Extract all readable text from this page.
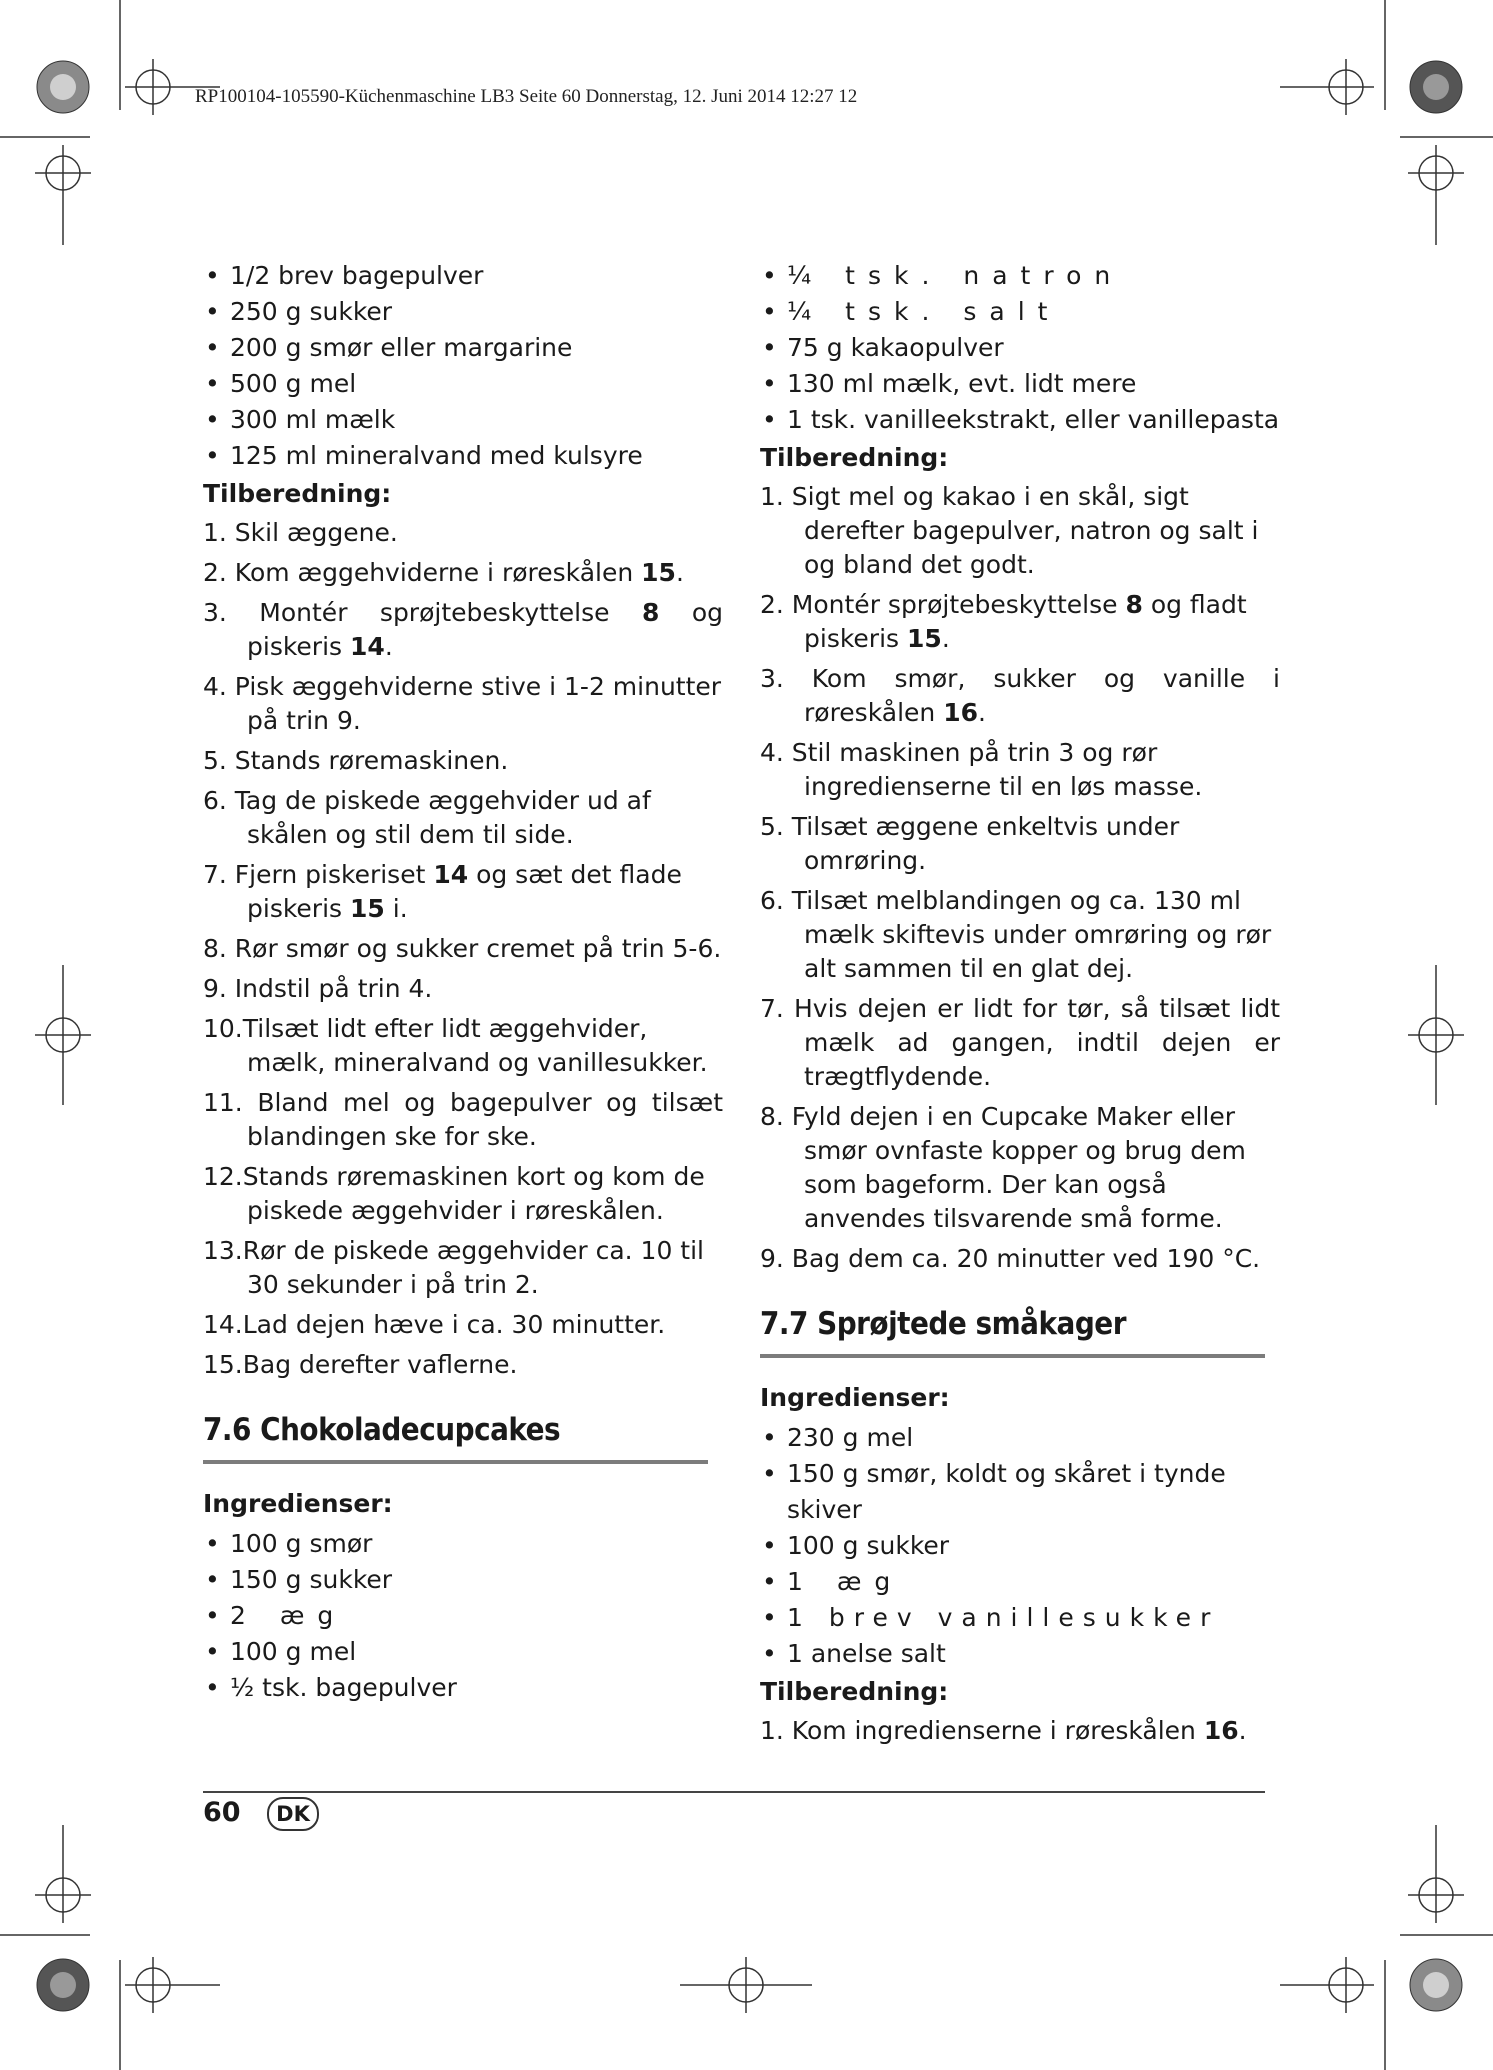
RP100104-105590-Küchenmaschine LB3 Seite 60 Donnerstag, 12. Juni 2014 12:27 12

• 1/2 brev bagepulver

• 250 g sukker

• 200 g smør eller margarine

• 500 g mel

• 300 ml mælk

• 125 ml mineralvand med kulsyre

Tilberedning:

1. Skil æggene.

2. Kom æggehviderne i røreskålen 15.

3. Montér sprøjtebeskyttelse 8 og piskeris 14.

4. Pisk æggehviderne stive i 1-2 minutter på trin 9.

5. Stands røremaskinen.

6. Tag de piskede æggehvider ud af skålen og stil dem til side.

7. Fjern piskeriset 14 og sæt det flade piskeris 15 i.

8. Rør smør og sukker cremet på trin 5-6.

9. Indstil på trin 4.

10.Tilsæt lidt efter lidt æggehvider, mælk, mineralvand og vanillesukker.

11. Bland mel og bagepulver og tilsæt blandingen ske for ske.

12.Stands røremaskinen kort og kom de piskede æggehvider i røreskålen.

13.Rør de piskede æggehvider ca. 10 til 30 sekunder i på trin 2.

14.Lad dejen hæve i ca. 30 minutter.

15.Bag derefter vaflerne.

7.6 Chokoladecupcakes
Ingredienser:

• 100 g smør

• 150 g sukker

• 2 æg

• 100 g mel

• ½ tsk. bagepulver

• ¼ tsk. natron

• ¼ tsk. salt

• 75 g kakaopulver

• 130 ml mælk, evt. lidt mere

• 1 tsk. vanilleekstrakt, eller vanillepasta

Tilberedning:

1. Sigt mel og kakao i en skål, sigt derefter bagepulver, natron og salt i og bland det godt.

2. Montér sprøjtebeskyttelse 8 og fladt piskeris 15.

3. Kom smør, sukker og vanille i røreskålen 16.

4. Stil maskinen på trin 3 og rør ingredienserne til en løs masse.

5. Tilsæt æggene enkeltvis under omrøring.

6. Tilsæt melblandingen og ca. 130 ml mælk skiftevis under omrøring og rør alt sammen til en glat dej.

7. Hvis dejen er lidt for tør, så tilsæt lidt mælk ad gangen, indtil dejen er trægtflydende.

8. Fyld dejen i en Cupcake Maker eller smør ovnfaste kopper og brug dem som bageform. Der kan også anvendes tilsvarende små forme.

9. Bag dem ca. 20 minutter ved 190 °C.

7.7 Sprøjtede småkager
Ingredienser:

• 230 g mel

• 150 g smør, koldt og skåret i tynde skiver

• 100 g sukker

• 1 æg

• 1 brev vanillesukker

• 1 anelse salt

Tilberedning:

1. Kom ingredienserne i røreskålen 16.

60	DK
